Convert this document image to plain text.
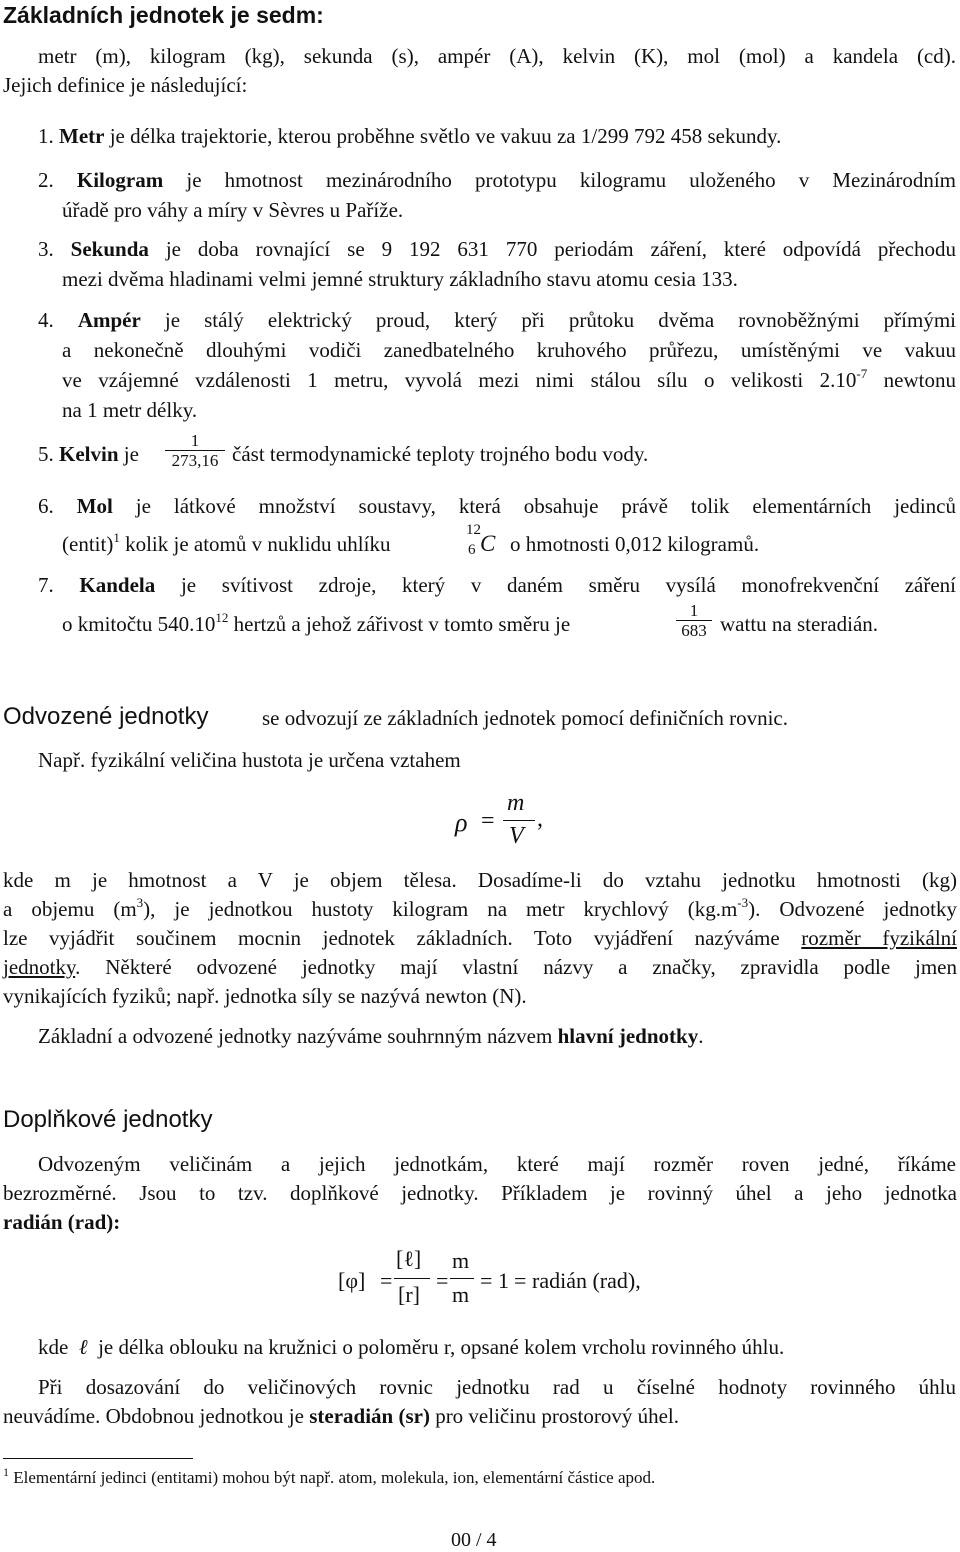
Základních jednotek je sedm:
metr (m), kilogram (kg), sekunda (s), ampér (A), kelvin (K), mol (mol) a kandela (cd).
Jejich definice je následující:
1. Metr je délka trajektorie, kterou proběhne světlo ve vakuu za 1/299 792 458 sekundy.
2. Kilogram je hmotnost mezinárodního prototypu kilogramu uloženého v Mezinárodním
úřadě pro váhy a míry v Sèvres u Paříže.
3. Sekunda je doba rovnající se 9 192 631 770 periodám záření, které odpovídá přechodu
mezi dvěma hladinami velmi jemné struktury základního stavu atomu cesia 133.
4. Ampér je stálý elektrický proud, který při průtoku dvěma rovnoběžnými přímými
a nekonečně dlouhými vodiči zanedbatelného kruhového průřezu, umístěnými ve vakuu
ve vzájemné vzdálenosti 1 metru, vyvolá mezi nimi stálou sílu o velikosti $2.10^{-7}$ newtonu
na 1 metr délky.
5. Kelvin je $\frac{1}{273,16}$ část termodynamické teploty trojného bodu vody.
6. Mol je látkové množství soustavy, která obsahuje právě tolik elementárních jedinců
(entit)$^1$ kolik je atomů v nuklidu uhlíku
12
6 C o hmotnosti 0,012 kilogramů.
7. Kandela je svítivost zdroje, který v daném směru vysílá monofrekvenční záření
o kmitočtu 540.10$^{12}$ hertzů a jehož zářivost v tomto směru je	$\frac{1}{683}$ wattu na steradián.
Odvozené jednotky	se odvozují ze základních jednotek pomocí definičních rovnic.
Např. fyzikální veličina hustota je určena vztahem
ρ =
m
V
,
kde m je hmotnost a V je objem tělesa. Dosadíme-li do vztahu jednotku hmotnosti (kg)
a objemu $(m^3)$, je jednotkou hustoty kilogram na metr krychlový $(kg.m^{-3})$. Odvozené jednotky
lze vyjádřit součinem mocnin jednotek základních. Toto vyjádření nazýváme rozměr fyzikální
jednotky. Některé odvozené jednotky mají vlastní názvy a značky, zpravidla podle jmen
vynikajících fyziků; např. jednotka síly se nazývá newton (N).
Základní a odvozené jednotky nazýváme souhrnným názvem hlavní jednotky.
Doplňkové jednotky
Odvozeným veličinám a jejich jednotkám, které mají rozměr roven jedné, říkáme
bezrozměrné. Jsou to tzv. doplňkové jednotky. Příkladem je rovinný úhel a jeho jednotka
radián (rad):
[φ] =
[ℓ]
[r]
=
m
m
= 1 = radián (rad),
kde ℓ je délka oblouku na kružnici o poloměru r, opsané kolem vrcholu rovinného úhlu.
Při dosazování do veličinových rovnic jednotku rad u číselné hodnoty rovinného úhlu
neuvádíme. Obdobnou jednotkou je steradián (sr) pro veličinu prostorový úhel.
$^1$ Elementární jedinci (entitami) mohou být např. atom, molekula, ion, elementární částice apod.
00 / 4
